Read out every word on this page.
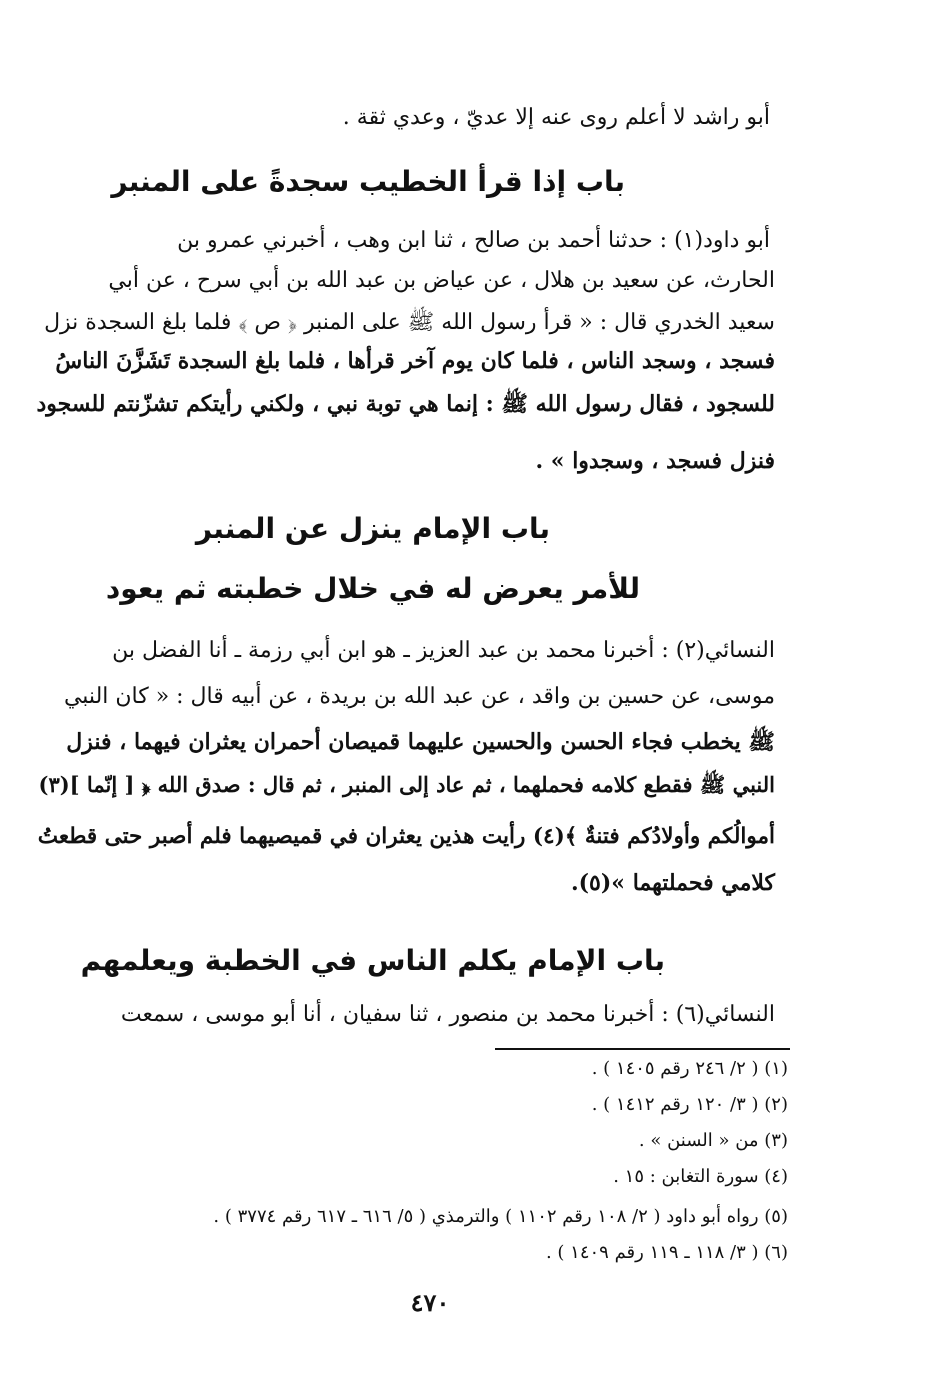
أبو راشد لا أعلم روى عنه إلا عديّ ، وعدي ثقة .
باب إذا قرأ الخطيب سجدةً على المنبر
أبو داود(١) : حدثنا أحمد بن صالح ، ثنا ابن وهب ، أخبرني عمرو بن
الحارث، عن سعيد بن هلال ، عن عياض بن عبد الله بن أبي سرح ، عن أبي
سعيد الخدري قال : « قرأ رسول الله ﷺ على المنبر ﴿ ص ﴾ فلما بلغ السجدة نزل
فسجد ، وسجد الناس ، فلما كان يوم آخر قرأها ، فلما بلغ السجدة تَشَزَّنَ الناسُ
للسجود ، فقال رسول الله ﷺ : إنما هي توبة نبي ، ولكني رأيتكم تشزّنتم للسجود
فنزل فسجد ، وسجدوا » .
باب الإمام ينزل عن المنبر
للأمر يعرض له في خلال خطبته ثم يعود
النسائي(٢) : أخبرنا محمد بن عبد العزيز ـ هو ابن أبي رزمة ـ أنا الفضل بن
موسى، عن حسين بن واقد ، عن عبد الله بن بريدة ، عن أبيه قال : « كان النبي
ﷺ يخطب فجاء الحسن والحسين عليهما قميصان أحمران يعثران فيهما ، فنزل
النبي ﷺ فقطع كلامه فحملهما ، ثم عاد إلى المنبر ، ثم قال : صدق الله ﴿ [ إنّما ](٣)
أموالُكم وأولادُكم فتنةٌ ﴾(٤) رأيت هذين يعثران في قميصيهما فلم أصبر حتى قطعتُ
كلامي فحملتهما »(٥).
باب الإمام يكلم الناس في الخطبة ويعلمهم
النسائي(٦) : أخبرنا محمد بن منصور ، ثنا سفيان ، أنا أبو موسى ، سمعت
(١) ( ٢/ ٢٤٦ رقم ١٤٠٥ ) .
(٢) ( ٣/ ١٢٠ رقم ١٤١٢ ) .
(٣) من « السنن » .
(٤) سورة التغابن : ١٥ .
(٥) رواه أبو داود ( ٢/ ١٠٨ رقم ١١٠٢ ) والترمذي ( ٥/ ٦١٦ ـ ٦١٧ رقم ٣٧٧٤ ) .
(٦) ( ٣/ ١١٨ ـ ١١٩ رقم ١٤٠٩ ) .
٤٧٠
